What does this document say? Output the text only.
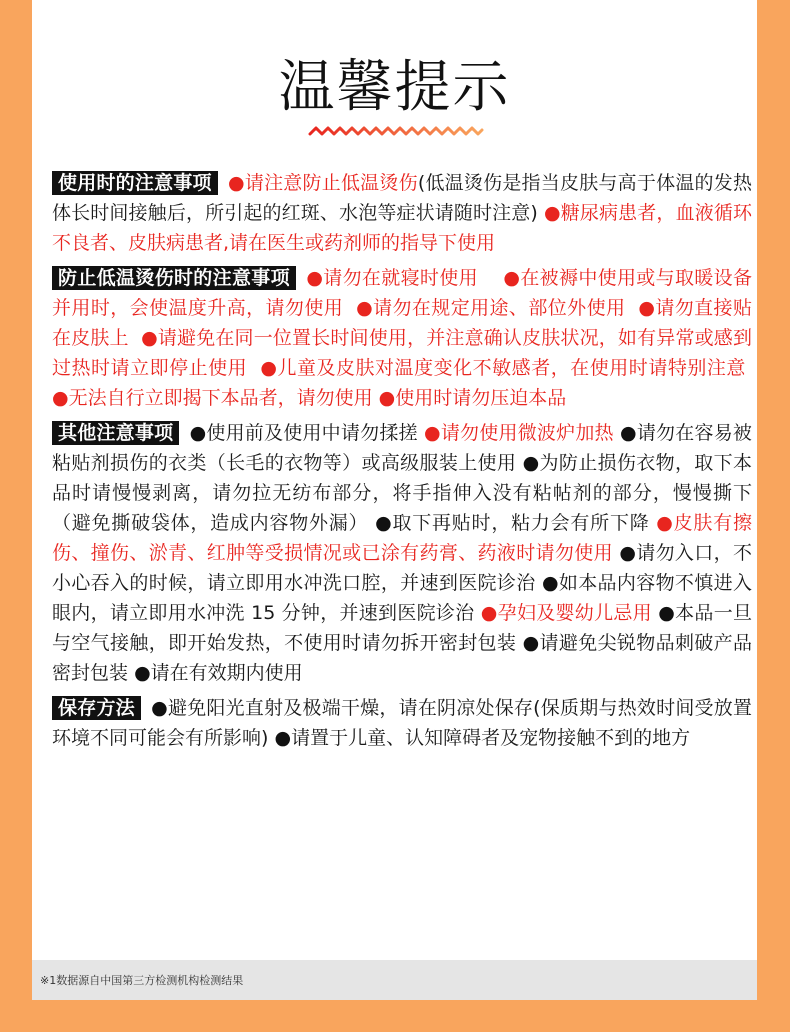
温馨提示

使用时的注意事项 ●请注意防止低温烫伤(低温烫伤是指当皮肤与高于体温的发热体长时间接触后，所引起的红斑、水泡等症状请随时注意) ●糖尿病患者，血液循环不良者、皮肤病患者,请在医生或药剂师的指导下使用

防止低温烫伤时的注意事项 ●请勿在就寝时使用 ●在被褥中使用或与取暖设备并用时，会使温度升高，请勿使用 ●请勿在规定用途、部位外使用 ●请勿直接贴在皮肤上 ●请避免在同一位置长时间使用，并注意确认皮肤状况，如有异常或感到过热时请立即停止使用 ●儿童及皮肤对温度变化不敏感者，在使用时请特别注意  ●无法自行立即揭下本品者，请勿使用 ●使用时请勿压迫本品

其他注意事项 ●使用前及使用中请勿揉搓 ●请勿使用微波炉加热 ●请勿在容易被粘贴剂损伤的衣类（长毛的衣物等）或高级服装上使用 ●为防止损伤衣物，取下本品时请慢慢剥离，请勿拉无纺布部分，将手指伸入没有粘帖剂的部分，慢慢撕下（避免撕破袋体，造成内容物外漏） ●取下再贴时，粘力会有所下降 ●皮肤有擦伤、撞伤、淤青、红肿等受损情况或已涂有药膏、药液时请勿使用 ●请勿入口，不小心吞入的时候，请立即用水冲洗口腔，并速到医院诊治 ●如本品内容物不慎进入眼内，请立即用水冲洗 15 分钟，并速到医院诊治 ●孕妇及婴幼儿忌用 ●本品一旦与空气接触，即开始发热，不使用时请勿拆开密封包装 ●请避免尖锐物品刺破产品密封包装 ●请在有效期内使用

保存方法 ●避免阳光直射及极端干燥，请在阴凉处保存(保质期与热效时间受放置环境不同可能会有所影响) ●请置于儿童、认知障碍者及宠物接触不到的地方

※1数据源自中国第三方检测机构检测结果
